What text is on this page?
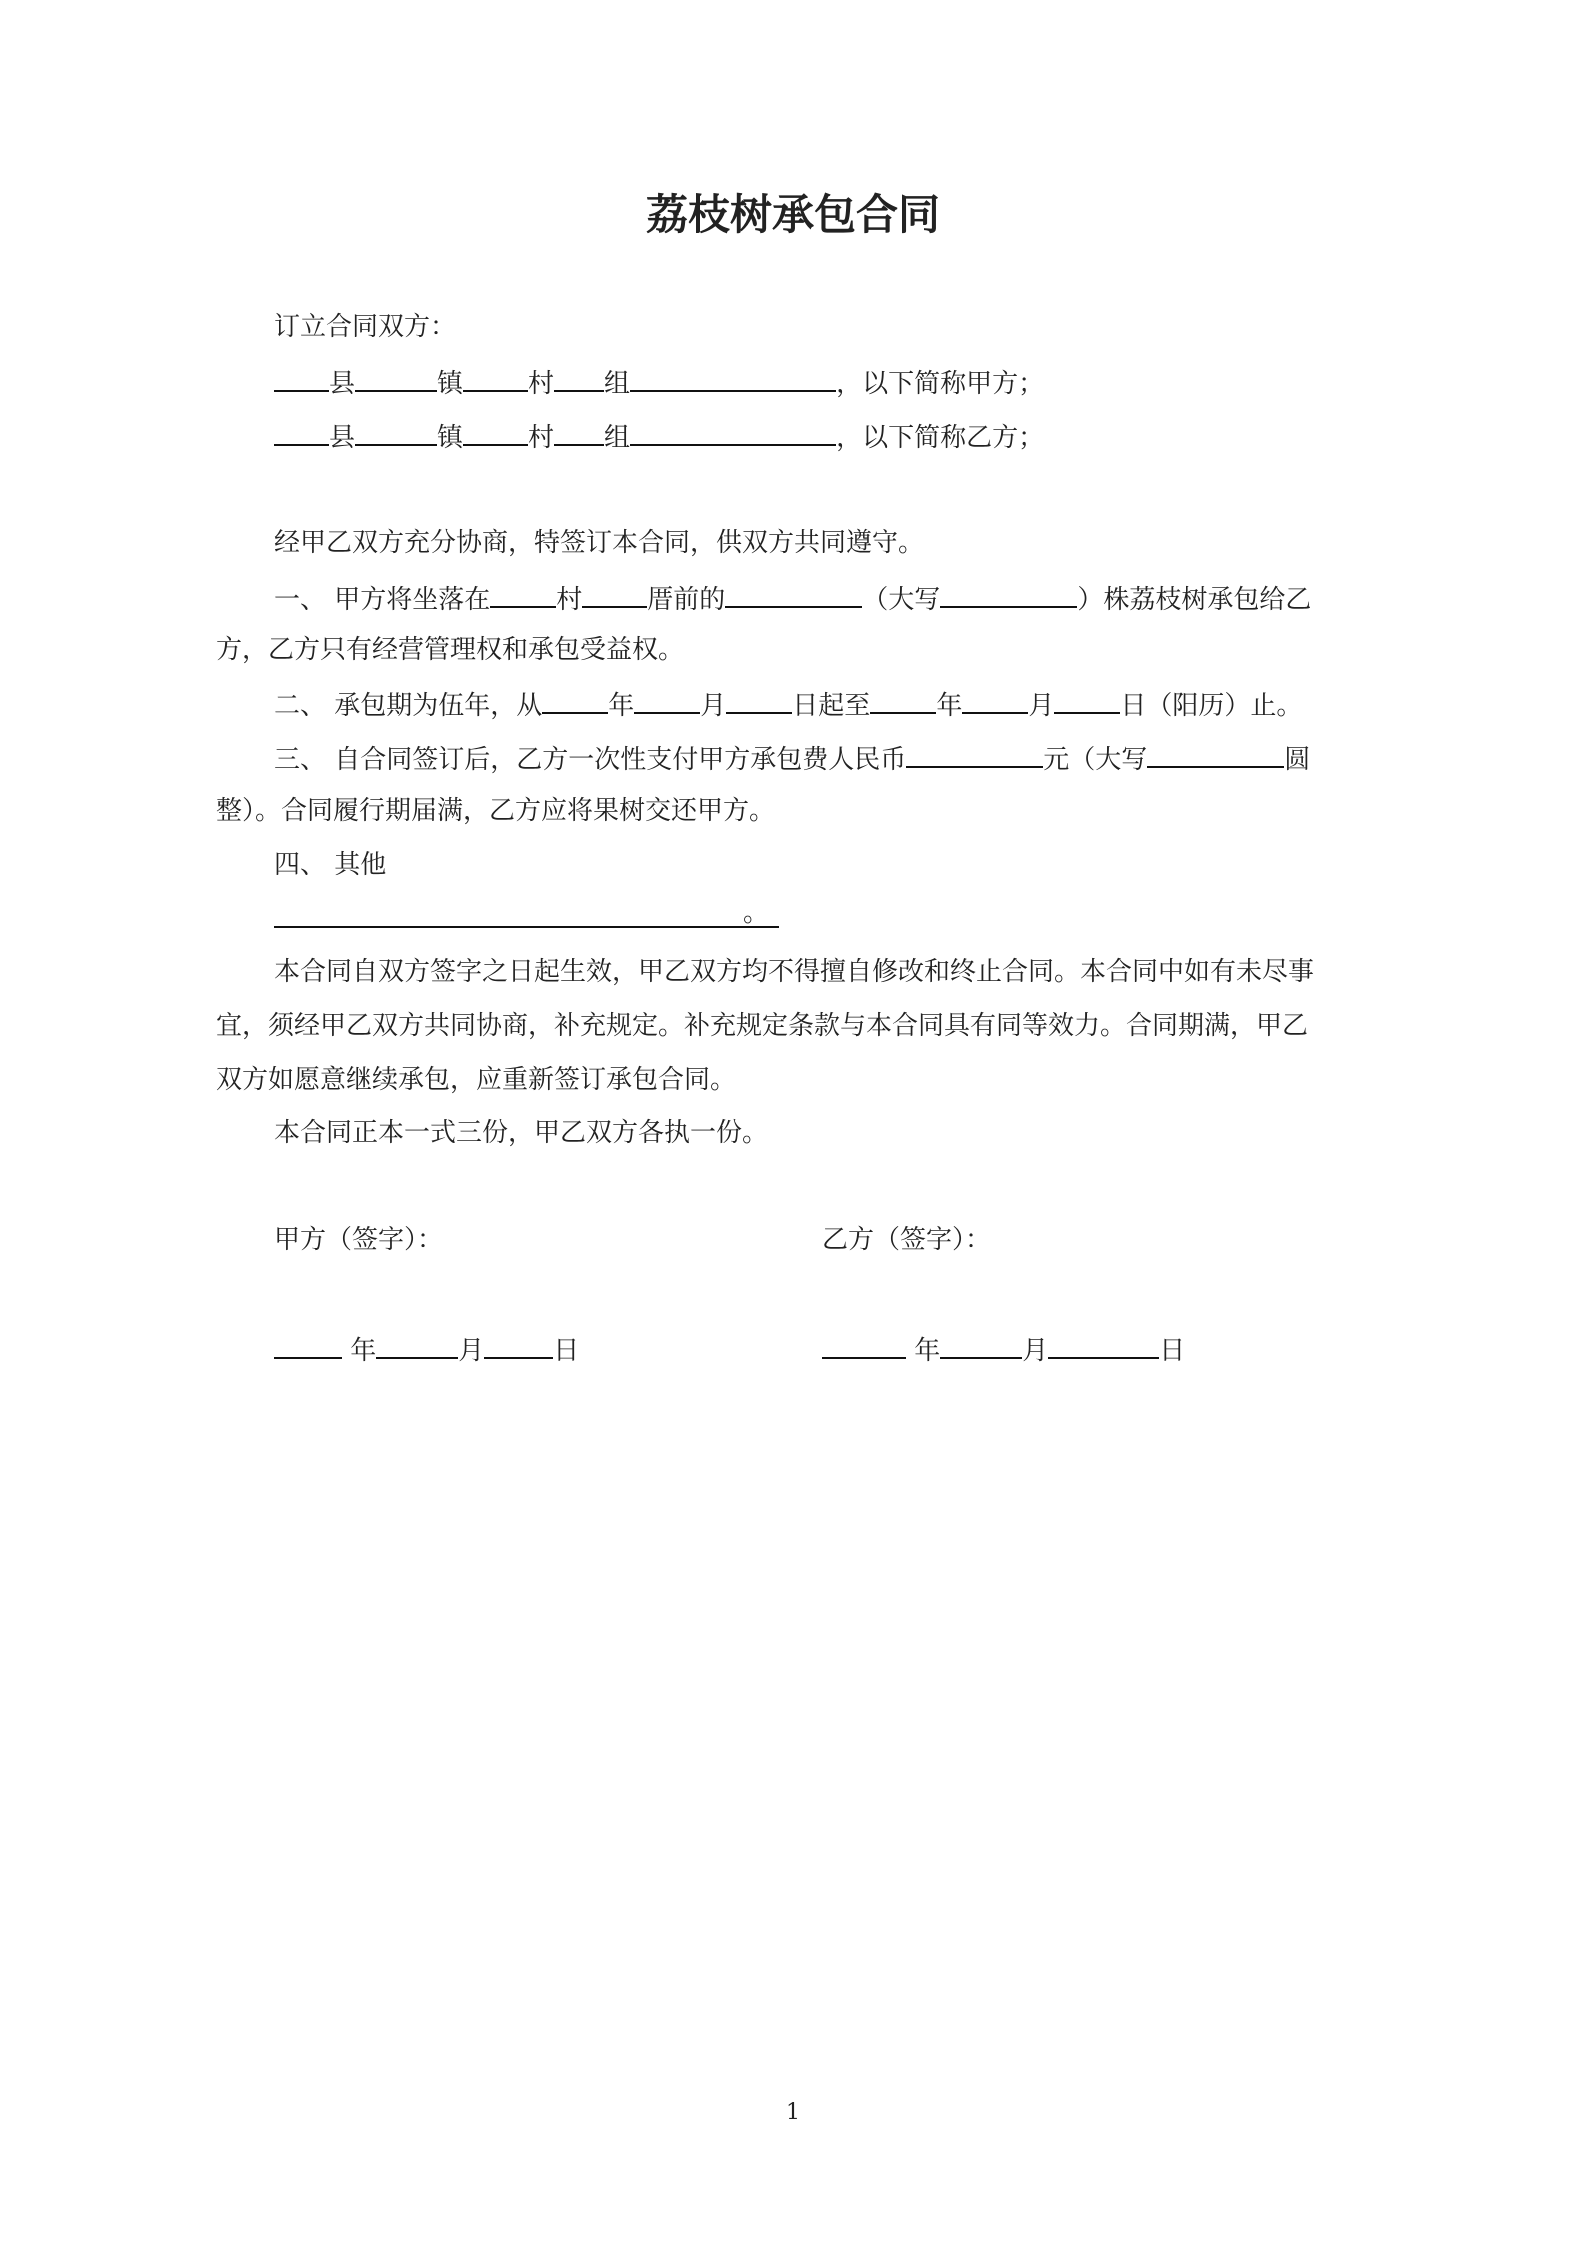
荔枝树承包合同
订立合同双方：
县	镇	村 组	，以下简称甲方；
县	镇	村 组	，以下简称乙方；
经甲乙双方充分协商，特签订本合同，供双方共同遵守。
一、 甲方将坐落在	村	厝前的	（大写	）株荔枝树承包给乙
方，乙方只有经营管理权和承包受益权。
二、 承包期为伍年，从	年	月	日起至	年	月	日（阳历）止。
三、 自合同签订后，乙方一次性支付甲方承包费人民币	元（大写	圆
整）。合同履行期届满，乙方应将果树交还甲方。
四、 其他
。
本合同自双方签字之日起生效，甲乙双方均不得擅自修改和终止合同。本合同中如有未尽事
宜，须经甲乙双方共同协商，补充规定。补充规定条款与本合同具有同等效力。合同期满，甲乙
双方如愿意继续承包，应重新签订承包合同。
本合同正本一式三份，甲乙双方各执一份。
甲方（签字）：	乙方（签字）：
年	月	日	年	月	日
1
